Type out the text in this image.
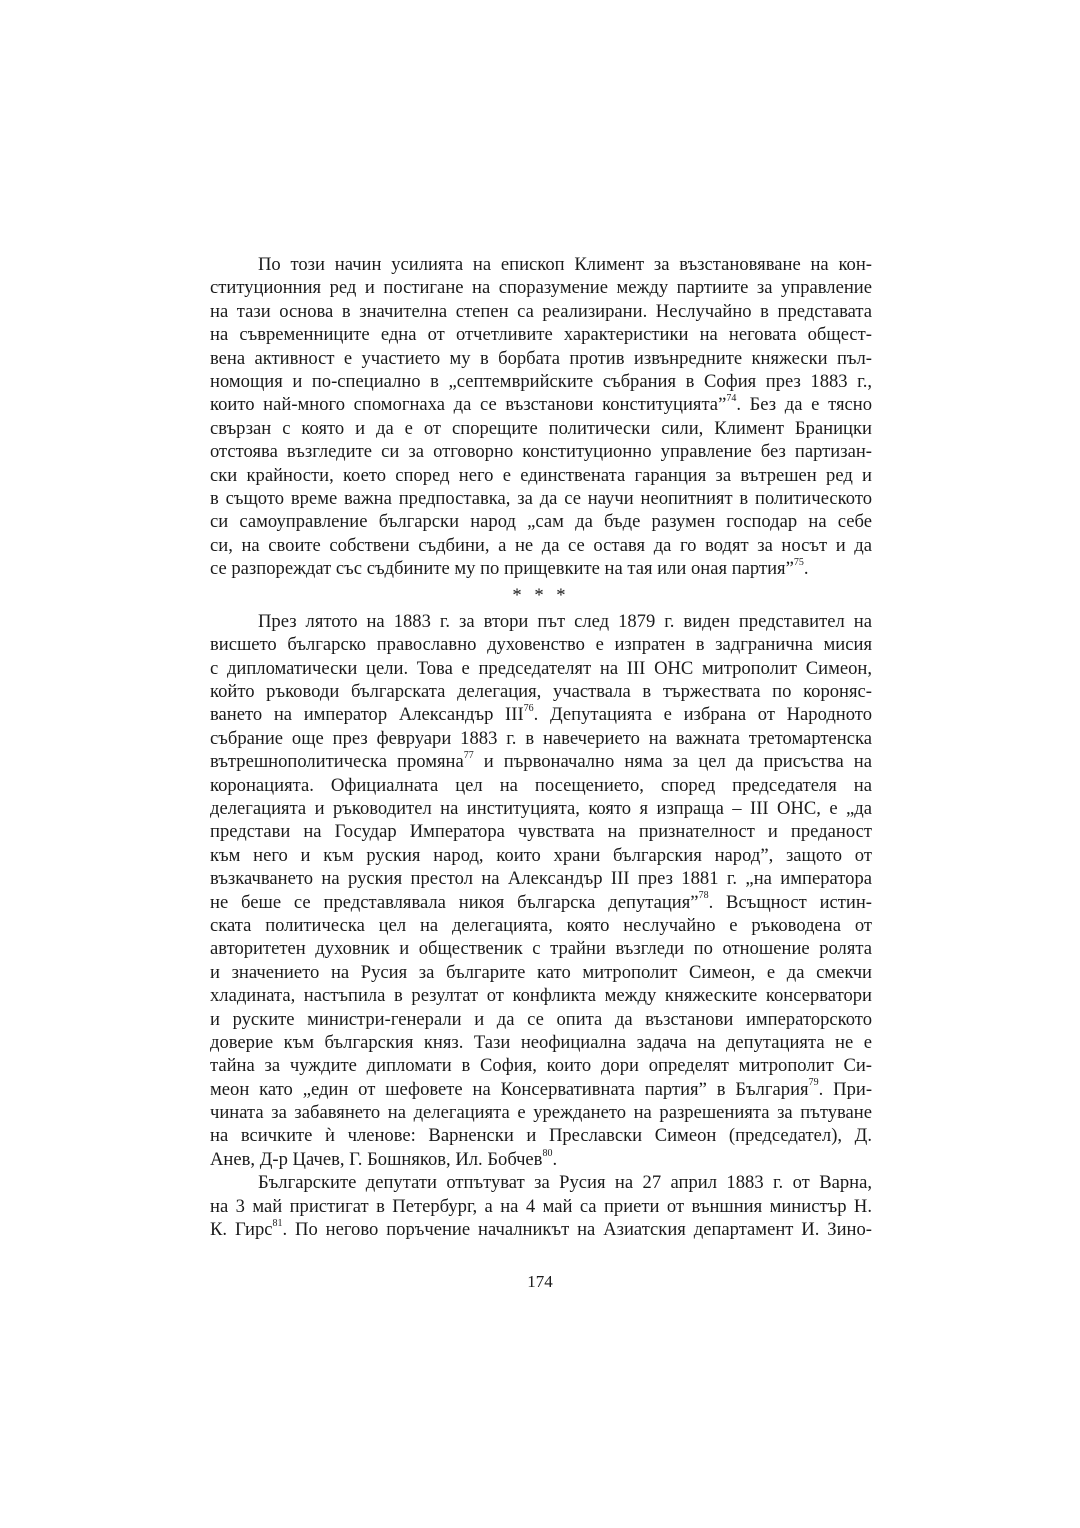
По този начин усилията на епископ Климент за възстановяване на кон-
ституционния ред и постигане на споразумение между партиите за управление
на тази основа в значителна степен са реализирани. Неслучайно в представата
на съвременниците една от отчетливите характеристики на неговата общест-
вена активност е участието му в борбата против извънредните княжески пъл-
номощия и по-специално в „септемврийските събрания в София през 1883 г.,
които най-много спомогнаха да се възстанови конституцията”$^{74}$. Без да е тясно
свързан с която и да е от спорещите политически сили, Климент Браницки
отстоява възгледите си за отговорно конституционно управление без партизан-
ски крайности, което според него е единствената гаранция за вътрешен ред и
в същото време важна предпоставка, за да се научи неопитният в политическото
си самоуправление български народ „сам да бъде разумен господар на себе
си, на своите собствени съдбини, а не да се оставя да го водят за носът и да
се разпореждат със съдбините му по прищевките на тая или оная партия”$^{75}$.
* * *
През лятото на 1883 г. за втори път след 1879 г. виден представител на
висшето българско православно духовенство е изпратен в задгранична мисия
с дипломатически цели. Това е председателят на III ОНС митрополит Симеон,
който ръководи българската делегация, участвала в тържествата по короняс-
ването на император Александър III$^{76}$. Депутацията е избрана от Народното
събрание още през февруари 1883 г. в навечерието на важната третомартенска
вътрешнополитическа промяна$^{77}$ и първоначално няма за цел да присъства на
коронацията. Официалната цел на посещението, според председателя на
делегацията и ръководител на институцията, която я изпраща – III ОНС, е „да
представи на Государ Императора чувствата на признателност и преданост
към него и към руския народ, които храни българския народ”, защото от
възкачването на руския престол на Александър III през 1881 г. „на императора
не беше се представлявала никоя българска депутация”$^{78}$. Всъщност истин-
ската политическа цел на делегацията, която неслучайно е ръководена от
авторитетен духовник и общественик с трайни възгледи по отношение ролята
и значението на Русия за българите като митрополит Симеон, е да смекчи
хладината, настъпила в резултат от конфликта между княжеските консерватори
и руските министри-генерали и да се опита да възстанови императорското
доверие към българския княз. Тази неофициална задача на депутацията не е
тайна за чуждите дипломати в София, които дори определят митрополит Си-
меон като „един от шефовете на Консервативната партия” в България$^{79}$. При-
чината за забавянето на делегацията е уреждането на разрешенията за пътуване
на всичките ѝ членове: Варненски и Преславски Симеон (председател), Д.
Анев, Д-р Цачев, Г. Бошняков, Ил. Бобчев$^{80}$.
Българските депутати отпътуват за Русия на 27 април 1883 г. от Варна,
на 3 май пристигат в Петербург, а на 4 май са приети от външния министър Н.
К. Гирс$^{81}$. По негово поръчение началникът на Азиатския департамент И. Зино-
174
